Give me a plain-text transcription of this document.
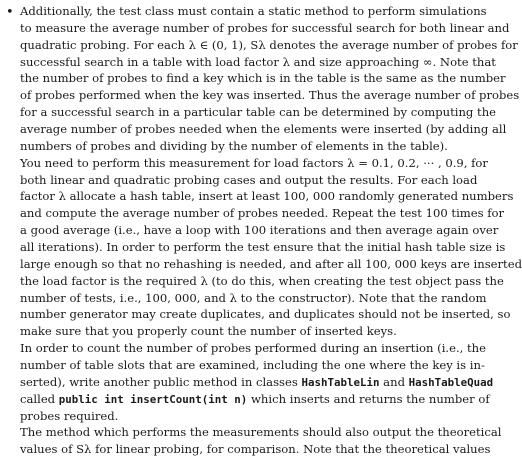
• Additionally, the test class must contain a static method to perform simulations
to measure the average number of probes for successful search for both linear and
quadratic probing. For each λ ∈ (0, 1), Sλ denotes the average number of probes for
successful search in a table with load factor λ and size approaching ∞. Note that
the number of probes to find a key which is in the table is the same as the number
of probes performed when the key was inserted. Thus the average number of probes
for a successful search in a particular table can be determined by computing the
average number of probes needed when the elements were inserted (by adding all
numbers of probes and dividing by the number of elements in the table).
You need to perform this measurement for load factors λ = 0.1, 0.2, ··· , 0.9, for
both linear and quadratic probing cases and output the results. For each load
factor λ allocate a hash table, insert at least 100, 000 randomly generated numbers
and compute the average number of probes needed. Repeat the test 100 times for
a good average (i.e., have a loop with 100 iterations and then average again over
all iterations). In order to perform the test ensure that the initial hash table size is
large enough so that no rehashing is needed, and after all 100, 000 keys are inserted
the load factor is the required λ (to do this, when creating the test object pass the
number of tests, i.e., 100, 000, and λ to the constructor). Note that the random
number generator may create duplicates, and duplicates should not be inserted, so
make sure that you properly count the number of inserted keys.
In order to count the number of probes performed during an insertion (i.e., the
number of table slots that are examined, including the one where the key is in-
serted), write another public method in classes HashTableLin and HashTableQuad
called public int insertCount(int n) which inserts and returns the number of
probes required.
The method which performs the measurements should also output the theoretical
values of Sλ for linear probing, for comparison. Note that the theoretical values
